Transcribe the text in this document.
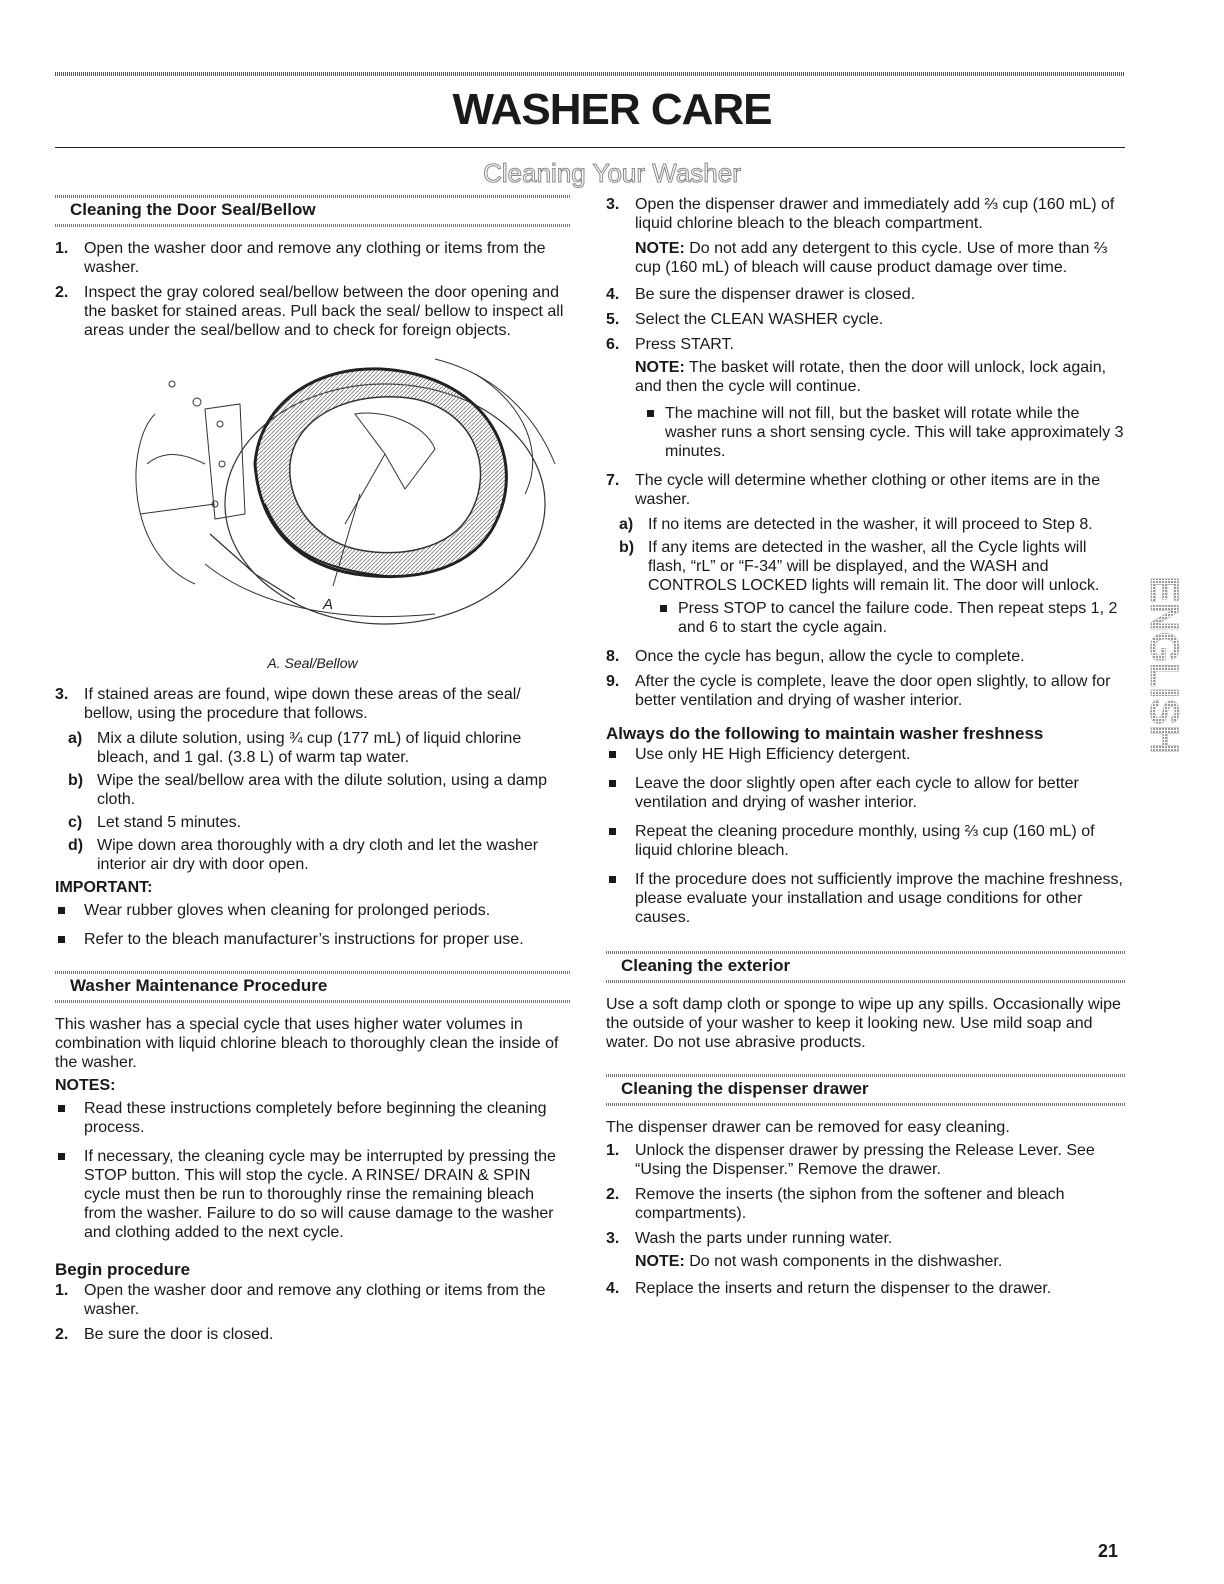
WASHER CARE
Cleaning Your Washer
Cleaning the Door Seal/Bellow
1. Open the washer door and remove any clothing or items from the washer.
2. Inspect the gray colored seal/bellow between the door opening and the basket for stained areas. Pull back the seal/ bellow to inspect all areas under the seal/bellow and to check for foreign objects.
A
A. Seal/Bellow
3. If stained areas are found, wipe down these areas of the seal/ bellow, using the procedure that follows.
a) Mix a dilute solution, using ¾ cup (177 mL) of liquid chlorine bleach, and 1 gal. (3.8 L) of warm tap water.
b) Wipe the seal/bellow area with the dilute solution, using a damp cloth.
c) Let stand 5 minutes.
d) Wipe down area thoroughly with a dry cloth and let the washer interior air dry with door open.

IMPORTANT:

Wear rubber gloves when cleaning for prolonged periods.
Refer to the bleach manufacturer’s instructions for proper use.
Washer Maintenance Procedure

This washer has a special cycle that uses higher water volumes in combination with liquid chlorine bleach to thoroughly clean the inside of the washer.

NOTES:

Read these instructions completely before beginning the cleaning process.
If necessary, the cleaning cycle may be interrupted by pressing the STOP button. This will stop the cycle. A RINSE/ DRAIN & SPIN cycle must then be run to thoroughly rinse the remaining bleach from the washer. Failure to do so will cause damage to the washer and clothing added to the next cycle.
Begin procedure
1. Open the washer door and remove any clothing or items from the washer.
2. Be sure the door is closed.
3. Open the dispenser drawer and immediately add ⅔ cup (160 mL) of liquid chlorine bleach to the bleach compartment.

NOTE: Do not add any detergent to this cycle. Use of more than ⅔ cup (160 mL) of bleach will cause product damage over time.

4. Be sure the dispenser drawer is closed.
5. Select the CLEAN WASHER cycle.
6. Press START.

NOTE: The basket will rotate, then the door will unlock, lock again, and then the cycle will continue.

The machine will not fill, but the basket will rotate while the washer runs a short sensing cycle. This will take approximately 3 minutes.
7. The cycle will determine whether clothing or other items are in the washer.
a) If no items are detected in the washer, it will proceed to Step 8.
b) If any items are detected in the washer, all the Cycle lights will flash, “rL” or “F-34” will be displayed, and the WASH and CONTROLS LOCKED lights will remain lit. The door will unlock.
Press STOP to cancel the failure code. Then repeat steps 1, 2 and 6 to start the cycle again.
8. Once the cycle has begun, allow the cycle to complete.
9. After the cycle is complete, leave the door open slightly, to allow for better ventilation and drying of washer interior.
Always do the following to maintain washer freshness
Use only HE High Efficiency detergent.
Leave the door slightly open after each cycle to allow for better ventilation and drying of washer interior.
Repeat the cleaning procedure monthly, using ⅔ cup (160 mL) of liquid chlorine bleach.
If the procedure does not sufficiently improve the machine freshness, please evaluate your installation and usage conditions for other causes.
Cleaning the exterior

Use a soft damp cloth or sponge to wipe up any spills. Occasionally wipe the outside of your washer to keep it looking new. Use mild soap and water. Do not use abrasive products.

Cleaning the dispenser drawer

The dispenser drawer can be removed for easy cleaning.

1. Unlock the dispenser drawer by pressing the Release Lever. See “Using the Dispenser.” Remove the drawer.
2. Remove the inserts (the siphon from the softener and bleach compartments).
3. Wash the parts under running water.

NOTE: Do not wash components in the dishwasher.

4. Replace the inserts and return the dispenser to the drawer.
ENGLISH
21
